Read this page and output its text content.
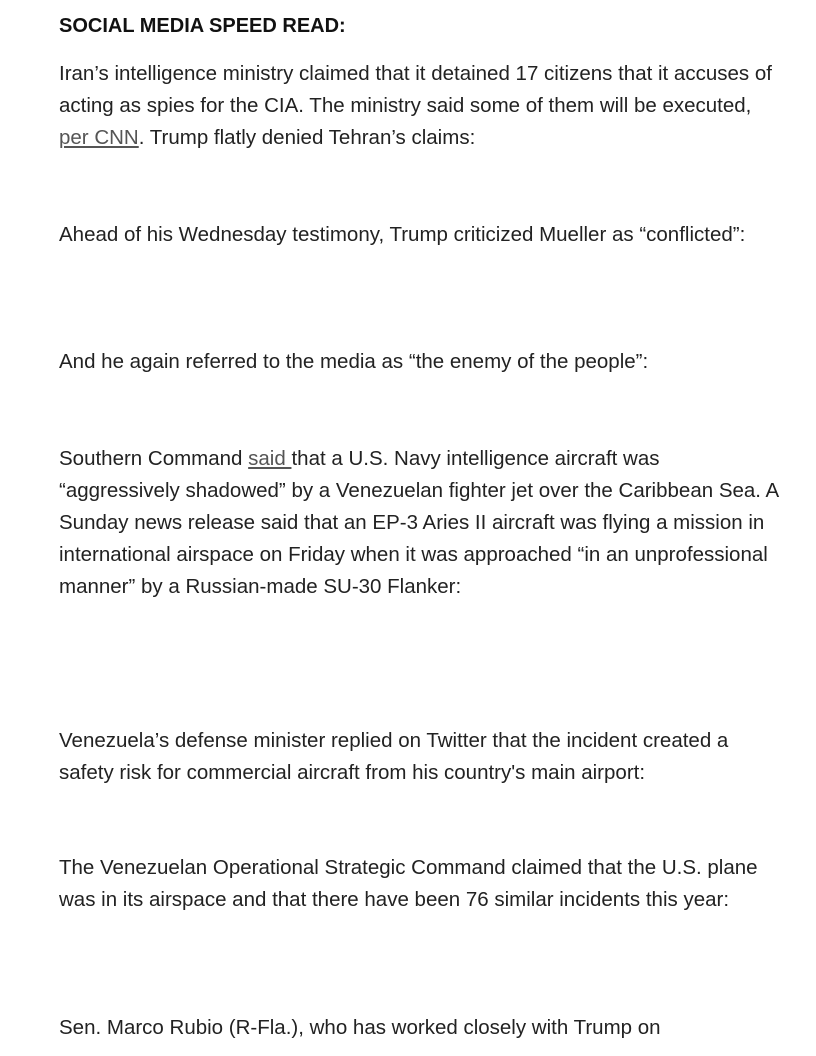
SOCIAL MEDIA SPEED READ:

Iran’s intelligence ministry claimed that it detained 17 citizens that it accuses of acting as spies for the CIA. The ministry said some of them will be executed, per CNN. Trump flatly denied Tehran’s claims:

Ahead of his Wednesday testimony, Trump criticized Mueller as “conflicted”:

And he again referred to the media as “the enemy of the people”:

Southern Command said that a U.S. Navy intelligence aircraft was “aggressively shadowed” by a Venezuelan fighter jet over the Caribbean Sea. A Sunday news release said that an EP-3 Aries II aircraft was flying a mission in international airspace on Friday when it was approached “in an unprofessional manner” by a Russian-made SU-30 Flanker:

Venezuela’s defense minister replied on Twitter that the incident created a safety risk for commercial aircraft from his country's main airport:

The Venezuelan Operational Strategic Command claimed that the U.S. plane was in its airspace and that there have been 76 similar incidents this year:

Sen. Marco Rubio (R-Fla.), who has worked closely with Trump on
